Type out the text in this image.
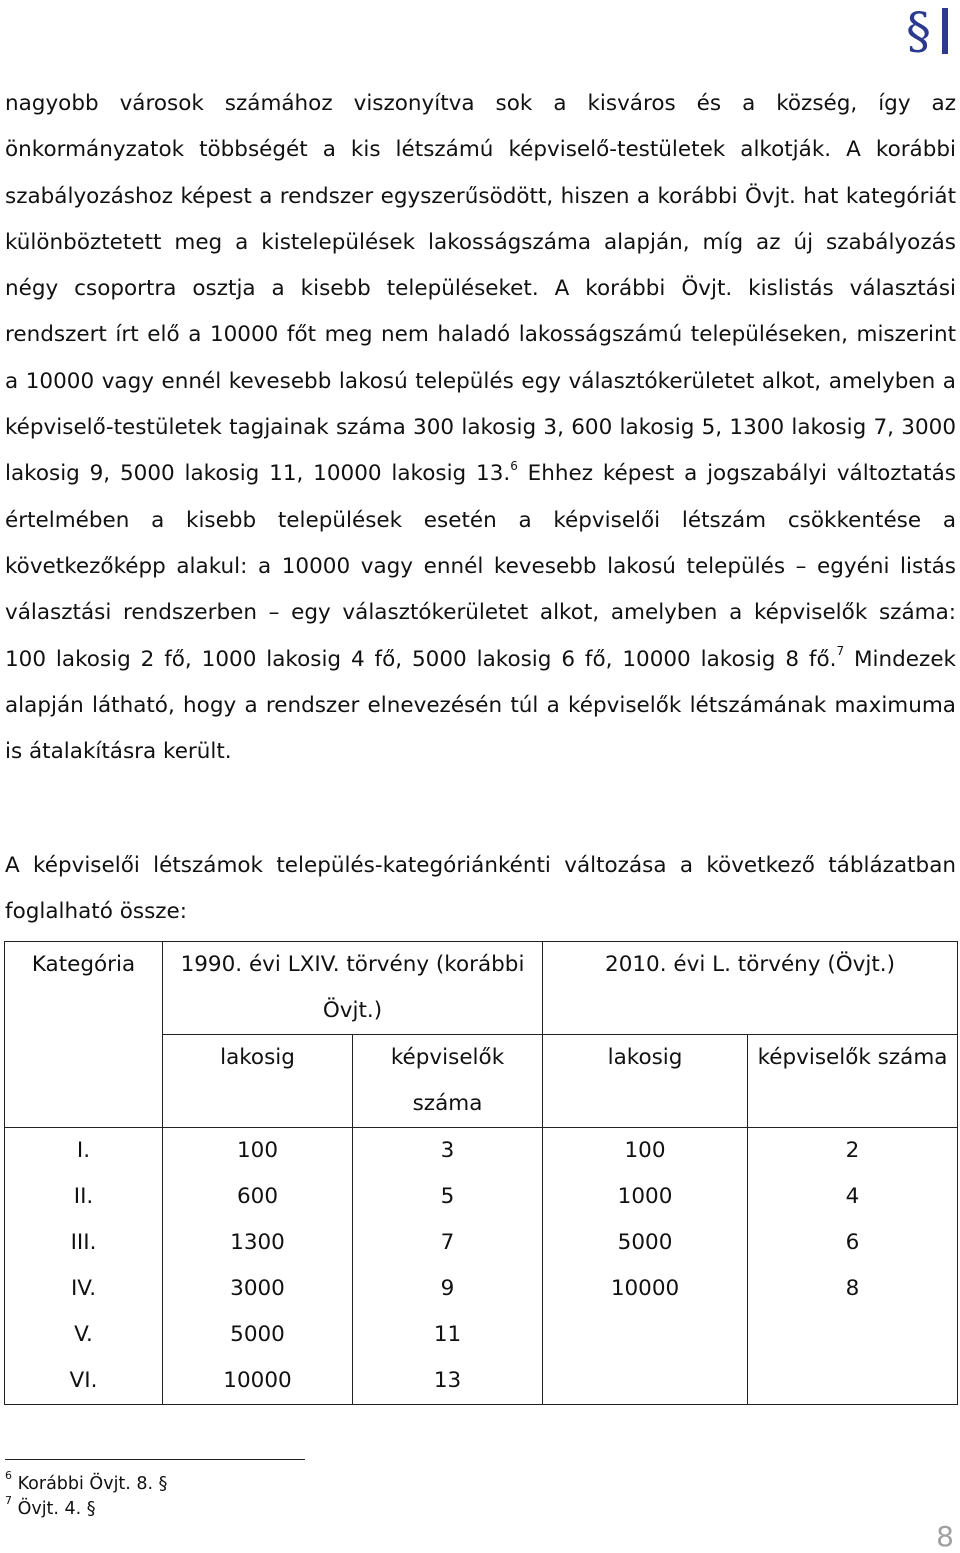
§
nagyobb városok számához viszonyítva sok a kisváros és a község, így az önkormányzatok többségét a kis létszámú képviselő-testületek alkotják. A korábbi szabályozáshoz képest a rendszer egyszerűsödött, hiszen a korábbi Övjt. hat kategóriát különböztetett meg a kistelepülések lakosságszáma alapján, míg az új szabályozás négy csoportra osztja a kisebb településeket. A korábbi Övjt. kislistás választási rendszert írt elő a 10000 főt meg nem haladó lakosságszámú településeken, miszerint a 10000 vagy ennél kevesebb lakosú település egy választókerületet alkot, amelyben a képviselő-testületek tagjainak száma 300 lakosig 3, 600 lakosig 5, 1300 lakosig 7, 3000 lakosig 9, 5000 lakosig 11, 10000 lakosig 13.$^6$ Ehhez képest a jogszabályi változtatás értelmében a kisebb települések esetén a képviselői létszám csökkentése a következőképp alakul: a 10000 vagy ennél kevesebb lakosú település – egyéni listás választási rendszerben – egy választókerületet alkot, amelyben a képviselők száma: 100 lakosig 2 fő, 1000 lakosig 4 fő, 5000 lakosig 6 fő, 10000 lakosig 8 fő.$^7$ Mindezek alapján látható, hogy a rendszer elnevezésén túl a képviselők létszámának maximuma is átalakításra került.
A képviselői létszámok település-kategóriánkénti változása a következő táblázatban foglalható össze:
Kategória	1990. évi LXIV. törvény (korábbi Övjt.)		2010. évi L. törvény (Övjt.)	
	lakosig	képviselők száma	lakosig	képviselők száma
I.	100	3	100	2
II.	600	5	1000	4
III.	1300	7	5000	6
IV.	3000	9	10000	8
V.	5000	11		
VI.	10000	13		
$^6$ Korábbi Övjt. 8. §
$^7$ Övjt. 4. §
8
